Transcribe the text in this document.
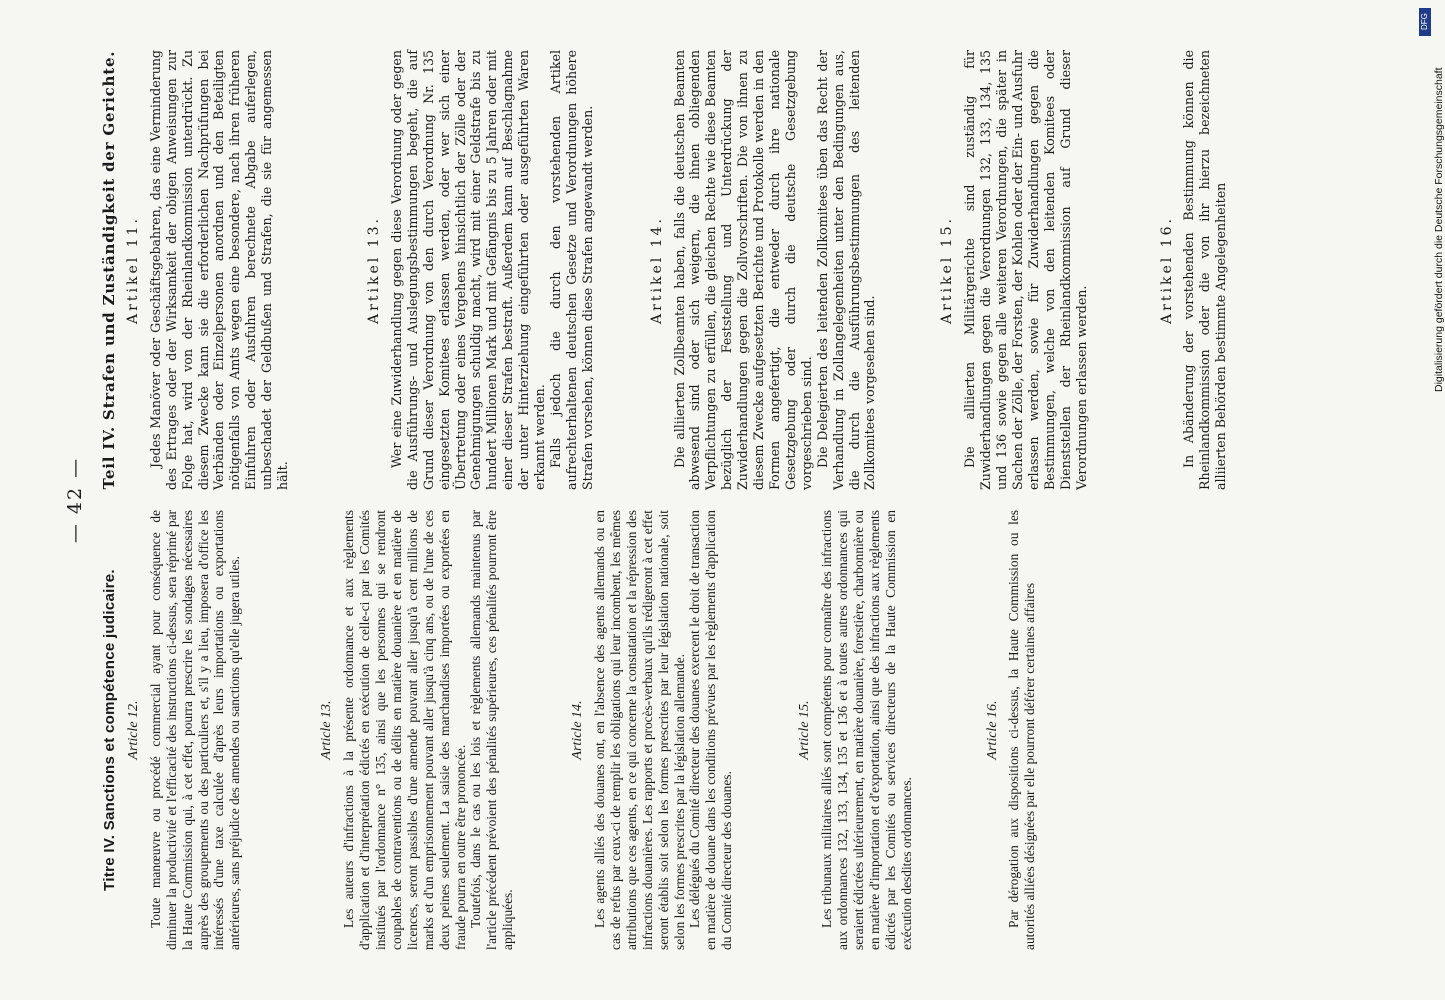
— 42 —
Titre IV. Sanctions et compétence judicaire. Article 12. Toute manœuvre ou procédé commercial ayant pour conséquence de diminuer la productivité et l'efficacité des instructions ci-dessus, sera réprimé par la Haute Commission qui, à cet effet, pourra prescrire les sondages nécessaires auprès des groupements ou des particuliers et, s'il y a lieu, imposera d'office les intéressés d'une taxe calculée d'après leurs importations ou exportations antérieures, sans préjudice des amendes ou sanctions qu'elle jugera utiles.	Article 13. Les auteurs d'infractions à la présente ordonnance et aux règlements d'application et d'interprétation édictés en exécution de celle-ci par les Comités institués par l'ordonnance n° 135, ainsi que les personnes qui se rendront coupables de contraventions ou de délits en matière douanière et en matière de licences, seront passibles d'une amende pouvant aller jusqu'à cent millions de marks et d'un emprisonnement pouvant aller jusqu'à cinq ans, ou de l'une de ces deux peines seulement. La saisie des marchandises importées ou exportées en fraude pourra en outre être prononcée. Toutefois, dans le cas ou les lois et règlements allemands maintenus par l'article précédent prévoient des pénalités supérieures, ces pénalités pourront être appliquées.

Article 14. Les agents alliés des douanes ont, en l'absence des agents allemands ou en cas de refus par ceux-ci de remplir les obligations qui leur incombent, les mêmes attributions que ces agents, en ce qui concerne la constatation et la répression des infractions douanières. Les rapports et procès-verbaux qu'ils rédigeront à cet effet seront établis soit selon les formes prescrites par leur législation nationale, soit selon les formes prescrites par la législation allemande. Les délégués du Comité directeur des douanes exercent le droit de transaction en matière de douane dans les conditions prévues par les règlements d'application du Comité directeur des douanes.

Article 15. Les tribunaux militaires alliés sont compétents pour connaître des infractions aux ordonnances 132, 133, 134, 135 et 136 et à toutes autres ordonnances qui seraient édictées ultérieurement, en matière douanière, forestière, charbonnière ou en matière d'importation et d'exportation, ainsi que des infractions aux règlements édictés par les Comités ou services directeurs de la Haute Commission en exécution desdites ordonnances.

Article 16. Par dérogation aux dispositions ci-dessus, la Haute Commission ou les autorités alliées désignées par elle pourront déférer certaines affaires

Teil IV. Strafen und Zuständigkeit der Gerichte. Artikel 11. Jedes Manöver oder Geschäftsgebahren, das eine Verminderung des Ertrages oder der Wirksamkeit der obigen Anweisungen zur Folge hat, wird von der Rheinlandkommission unterdrückt. Zu diesem Zwecke kann sie die erforderlichen Nachprüfungen bei Verbänden oder Einzelpersonen anordnen und den Beteiligten nötigenfalls von Amts wegen eine besondere, nach ihren früheren Einfuhren oder Ausfuhren berechnete Abgabe auferlegen, unbeschadet der Geldbußen und Strafen, die sie für angemessen hält.

Artikel 13. Wer eine Zuwiderhandlung gegen diese Verordnung oder gegen die Ausführungs- und Auslegungsbestimmungen begeht, die auf Grund dieser Verordnung von den durch Verordnung Nr. 135 eingesetzten Komitees erlassen werden, oder wer sich einer Übertretung oder eines Vergehens hinsichtlich der Zölle oder der Genehmigungen schuldig macht, wird mit einer Geldstrafe bis zu hundert Millionen Mark und mit Gefängnis bis zu 5 Jahren oder mit einer dieser Strafen bestraft. Außerdem kann auf Beschlagnahme der unter Hinterziehung eingeführten oder ausgeführten Waren erkannt werden. Falls jedoch die durch den vorstehenden Artikel aufrechterhaltenen deutschen Gesetze und Verordnungen höhere Strafen vorsehen, können diese Strafen angewandt werden.	Artikel 14. Die alliierten Zollbeamten haben, falls die deutschen Beamten abwesend sind oder sich weigern, die ihnen obliegenden Verpflichtungen zu erfüllen, die gleichen Rechte wie diese Beamten bezüglich der Feststellung und Unterdrückung der Zuwiderhandlungen gegen die Zollvorschriften. Die von ihnen zu diesem Zwecke aufgesetzten Berichte und Protokolle werden in den Formen angefertigt, die entweder durch ihre nationale Gesetzgebung oder durch die deutsche Gesetzgebung vorgeschrieben sind. Die Delegierten des leitenden Zollkomitees üben das Recht der Verhandlung in Zollangelegenheiten unter den Bedingungen aus, die durch die Ausführungsbestimmungen des leitenden Zollkomitees vorgesehen sind.

Artikel 15. Die alliierten Militärgerichte sind zuständig für Zuwiderhandlungen gegen die Verordnungen 132, 133, 134, 135 und 136 sowie gegen alle weiteren Verordnungen, die später in Sachen der Zölle, der Forsten, der Kohlen oder der Ein- und Ausfuhr erlassen werden, sowie für Zuwiderhandlungen gegen die Bestimmungen, welche von den leitenden Komitees oder Dienststellen der Rheinlandkommission auf Grund dieser Verordnungen erlassen werden.

Artikel 16. In Abänderung der vorstehenden Bestimmung können die Rheinlandkommission oder die von ihr hierzu bezeichneten alliierten Behörden bestimmte Angelegenheiten

DFG
Digitalisierung gefördert durch die Deutsche Forschungsgemeinschaft
